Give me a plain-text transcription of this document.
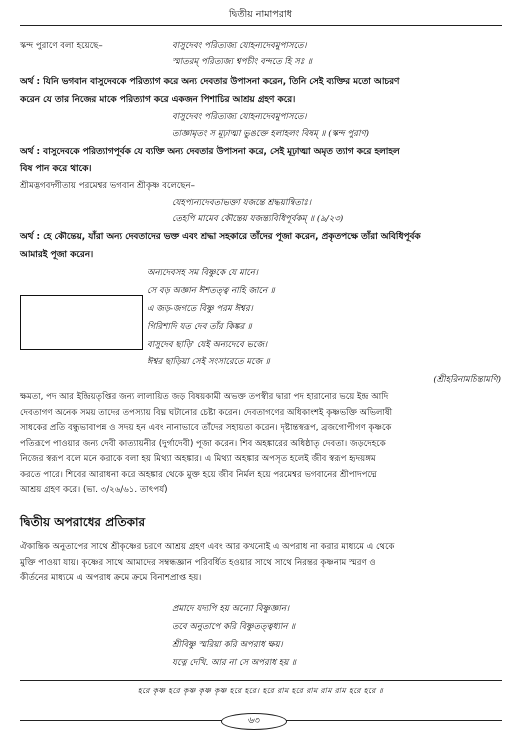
দ্বিতীয় নামাপরাধ
স্কন্দ পুরাণে বলা হয়েছে–	বাসুদেবং পরিত্যজ্য যোহন্যদেবমুপাসতে।
স্মাতরম্ পরিত্যজ্য শ্বপচীং বন্দতে হি সঃ ॥
অর্থ : যিনি ভগবান বাসুদেবকে পরিত্যাগ করে অন্য দেবতার উপাসনা করেন, তিনি সেই ব্যক্তির মতো আচরণ
করেন যে তার নিজের মাকে পরিত্যাগ করে একজন পিশাচির আশ্রয় গ্রহণ করে।
বাসুদেবং পরিত্যজ্য যোহন্যদেবমুপাসতে।
তাজ্ঞামৃতং স মূঢ়াত্মা ভুঙক্তে হলাহলং বিষম্ ॥ (স্কন্দ পুরাণ)
অর্থ : বাসুদেবকে পরিত্যাগপূর্বক যে ব্যক্তি অন্য দেবতার উপাসনা করে, সেই মূঢ়াত্মা অমৃত ত্যাগ করে হলাহল
বিষ পান করে থাকে।
শ্রীমদ্ভগবদ্গীতায় পরমেশ্বর ভগবান শ্রীকৃষ্ণ বলেছেন–
যেহপ্যন্যদেবতাভক্তা যজন্তে শ্রদ্ধয়ান্বিতাঃ।
তেহপি মামেব কৌন্তেয় যজন্ত্যবিধিপূর্বকম্ ॥ (৯/২৩)
অর্থ : হে কৌন্তেয়, যাঁরা অন্য দেবতাদের ভক্ত এবং শ্রদ্ধা সহকারে তাঁদের পূজা করেন, প্রকৃতপক্ষে তাঁরা অবিধিপূর্বক
আমারই পূজা করেন।
অন্যদেবসহ সম বিষ্ণুকে যে মানে।
সে বড় অজ্ঞান ঈশতত্ত্ব নাহি জানে ॥
এ জড়-জগতে বিষ্ণু পরম ঈশ্বর।
গিরিশাদি যত দেব তাঁর কিঙ্কর ॥
বাসুদেব ছাড়ি' যেই অন্যদেবে ভজে।
ঈশ্বর ছাড়িয়া সেই সংসারেতে মজে ॥
(শ্রীহরিনামচিন্তামণি)
ক্ষমতা, পদ আর ইন্দ্রিয়তৃপ্তির জন্য লালায়িত জড় বিষয়কামী অভক্ত তপস্বীর দ্বারা পদ হারানোর ভয়ে ইন্দ্র আদি
দেবতাগণ অনেক সময় তাদের তপস্যায় বিঘ্ন ঘটানোর চেষ্টা করেন। দেবতাগণের অধিকাংশই কৃষ্ণভক্তি অভিলাষী
সাধকের প্রতি বন্ধুভাবাপন্ন ও সদয় হন এবং নানাভাবে তাঁদের সহায়তা করেন। দৃষ্টান্তস্বরূপ, ব্রজগোপীগণ কৃষ্ণকে
পতিরূপে পাওয়ার জন্য দেবী কাত্যায়নীর (দুর্গাদেবী) পূজা করেন। শিব অহঙ্কারের অধিষ্ঠাতৃ দেবতা। জড়দেহকে
নিজের স্বরূপ বলে মনে করাকে বলা হয় মিথ্যা অহঙ্কার। এ মিথ্যা অহঙ্কার অপসৃত হলেই জীব স্বরূপ হৃদয়ঙ্গম
করতে পারে। শিবের আরাধনা করে অহঙ্কার থেকে মুক্ত হয়ে জীব নির্মল হয়ে পরমেশ্বর ভগবানের শ্রীপাদপদ্মে
আশ্রয় গ্রহণ করে। (ভা. ৩/২৬/৬১. তাৎপর্য)
দ্বিতীয় অপরাধের প্রতিকার
ঐকান্তিক অনুতাপের সাথে শ্রীকৃষ্ণের চরণে আশ্রয় গ্রহণ এবং আর কখনোই এ অপরাধ না করার মাধ্যমে এ থেকে
মুক্তি পাওয়া যায়। কৃষ্ণের সাথে আমাদের সম্বন্ধজ্ঞান পরিবর্ধিত হওয়ার সাথে সাথে নিরন্তর কৃষ্ণনাম স্মরণ ও
কীর্তনের মাধ্যমে এ অপরাধ ক্রমে ক্রমে বিনাশপ্রাপ্ত হয়।
প্রমাদে যদ্যপি হয় অন্যো বিষ্ণুজ্ঞান।
তবে অনুতাপে করি বিষ্ণুতত্ত্বধ্যান ॥
শ্রীবিষ্ণু স্মরিয়া করি অপরাধ ক্ষয়।
যত্নে দেখি. আর না সে অপরাধ হয় ॥
হরে কৃষ্ণ হরে কৃষ্ণ কৃষ্ণ কৃষ্ণ হরে হরে। হরে রাম হরে রাম রাম রাম হরে হরে ॥
৬৩
